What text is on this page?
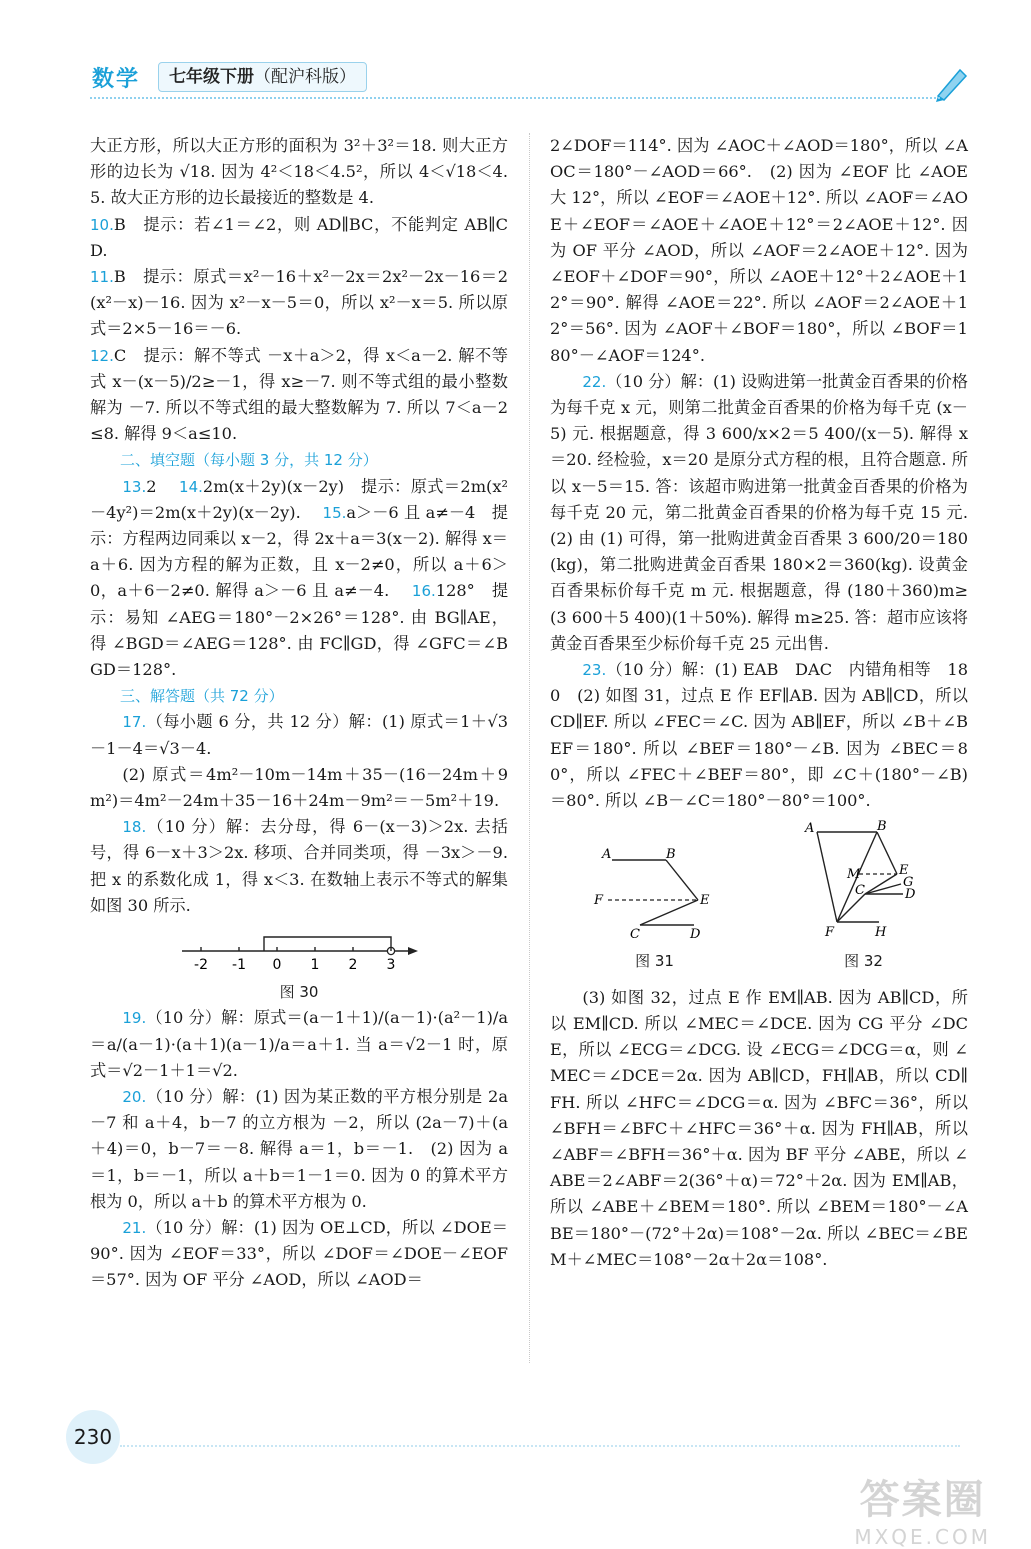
数学	七年级下册（配沪科版）

大正方形，所以大正方形的面积为 3²＋3²＝18. 则大正方形的边长为 √18. 因为 4²＜18＜4.5²，所以 4＜√18＜4.5. 故大正方形的边长最接近的整数是 4.

10.B　提示：若∠1＝∠2，则 AD∥BC，不能判定 AB∥CD.

11.B　提示：原式＝x²－16＋x²－2x＝2x²－2x－16＝2(x²－x)－16. 因为 x²－x－5＝0，所以 x²－x＝5. 所以原式＝2×5－16＝－6.

12.C　提示：解不等式 －x＋a＞2，得 x＜a－2. 解不等式 x－(x－5)/2≥－1，得 x≥－7. 则不等式组的最小整数解为 －7. 所以不等式组的最大整数解为 7. 所以 7＜a－2≤8. 解得 9＜a≤10.

二、填空题（每小题 3 分，共 12 分）

13.2　 14.2m(x＋2y)(x－2y)　提示：原式＝2m(x²－4y²)＝2m(x＋2y)(x－2y).　 15.a＞－6 且 a≠－4　提示：方程两边同乘以 x－2，得 2x＋a＝3(x－2). 解得 x＝a＋6. 因为方程的解为正数，且 x－2≠0，所以 a＋6＞0，a＋6－2≠0. 解得 a＞－6 且 a≠－4.　 16.128°　提示：易知 ∠AEG＝180°－2×26°＝128°. 由 BG∥AE，得 ∠BGD＝∠AEG＝128°. 由 FC∥GD，得 ∠GFC＝∠BGD＝128°.

三、解答题（共 72 分）

17.（每小题 6 分，共 12 分）解：(1) 原式＝1＋√3－1－4＝√3－4.

(2) 原式＝4m²－10m－14m＋35－(16－24m＋9m²)＝4m²－24m＋35－16＋24m－9m²＝－5m²＋19.

18.（10 分）解：去分母，得 6－(x－3)＞2x. 去括号，得 6－x＋3＞2x. 移项、合并同类项，得 －3x＞－9. 把 x 的系数化成 1，得 x＜3. 在数轴上表示不等式的解集如图 30 所示.

-2 -1 0 1 2 3

图 30

19.（10 分）解：原式＝(a－1＋1)/(a－1)·(a²－1)/a＝a/(a－1)·(a＋1)(a－1)/a＝a＋1. 当 a＝√2－1 时，原式＝√2－1＋1＝√2.

20.（10 分）解：(1) 因为某正数的平方根分别是 2a－7 和 a＋4，b－7 的立方根为 －2，所以 (2a－7)＋(a＋4)＝0，b－7＝－8. 解得 a＝1，b＝－1.　(2) 因为 a＝1，b＝－1，所以 a＋b＝1－1＝0. 因为 0 的算术平方根为 0，所以 a＋b 的算术平方根为 0.

21.（10 分）解：(1) 因为 OE⊥CD，所以 ∠DOE＝90°. 因为 ∠EOF＝33°，所以 ∠DOF＝∠DOE－∠EOF＝57°. 因为 OF 平分 ∠AOD，所以 ∠AOD＝

2∠DOF＝114°. 因为 ∠AOC＋∠AOD＝180°，所以 ∠AOC＝180°－∠AOD＝66°.　(2) 因为 ∠EOF 比 ∠AOE 大 12°，所以 ∠EOF＝∠AOE＋12°. 所以 ∠AOF＝∠AOE＋∠EOF＝∠AOE＋∠AOE＋12°＝2∠AOE＋12°. 因为 OF 平分 ∠AOD，所以 ∠AOF＝2∠AOE＋12°. 因为 ∠EOF＋∠DOF＝90°，所以 ∠AOE＋12°＋2∠AOE＋12°＝90°. 解得 ∠AOE＝22°. 所以 ∠AOF＝2∠AOE＋12°＝56°. 因为 ∠AOF＋∠BOF＝180°，所以 ∠BOF＝180°－∠AOF＝124°.

22.（10 分）解：(1) 设购进第一批黄金百香果的价格为每千克 x 元，则第二批黄金百香果的价格为每千克 (x－5) 元. 根据题意，得 3 600/x×2＝5 400/(x－5). 解得 x＝20. 经检验，x＝20 是原分式方程的根，且符合题意. 所以 x－5＝15. 答：该超市购进第一批黄金百香果的价格为每千克 20 元，第二批黄金百香果的价格为每千克 15 元.　(2) 由 (1) 可得，第一批购进黄金百香果 3 600/20＝180(kg)，第二批购进黄金百香果 180×2＝360(kg). 设黄金百香果标价每千克 m 元. 根据题意，得 (180＋360)m≥(3 600＋5 400)(1＋50%). 解得 m≥25. 答：超市应该将黄金百香果至少标价每千克 25 元出售.

23.（10 分）解：(1) EAB　DAC　内错角相等　180　(2) 如图 31，过点 E 作 EF∥AB. 因为 AB∥CD，所以 CD∥EF. 所以 ∠FEC＝∠C. 因为 AB∥EF，所以 ∠B＋∠BEF＝180°. 所以 ∠BEF＝180°－∠B. 因为 ∠BEC＝80°，所以 ∠FEC＋∠BEF＝80°，即 ∠C＋(180°－∠B)＝80°. 所以 ∠B－∠C＝180°－80°＝100°.

A	B
F	E
C	D

图 31

A	B
M	E
G
C	D
F	H

图 32

(3) 如图 32，过点 E 作 EM∥AB. 因为 AB∥CD，所以 EM∥CD. 所以 ∠MEC＝∠DCE. 因为 CG 平分 ∠DCE，所以 ∠ECG＝∠DCG. 设 ∠ECG＝∠DCG＝α，则 ∠MEC＝∠DCE＝2α. 因为 AB∥CD，FH∥AB，所以 CD∥FH. 所以 ∠HFC＝∠DCG＝α. 因为 ∠BFC＝36°，所以 ∠BFH＝∠BFC＋∠HFC＝36°＋α. 因为 FH∥AB，所以 ∠ABF＝∠BFH＝36°＋α. 因为 BF 平分 ∠ABE，所以 ∠ABE＝2∠ABF＝2(36°＋α)＝72°＋2α. 因为 EM∥AB，所以 ∠ABE＋∠BEM＝180°. 所以 ∠BEM＝180°－∠ABE＝180°－(72°＋2α)＝108°－2α. 所以 ∠BEC＝∠BEM＋∠MEC＝108°－2α＋2α＝108°.

230
答案圈
MXQE.COM
